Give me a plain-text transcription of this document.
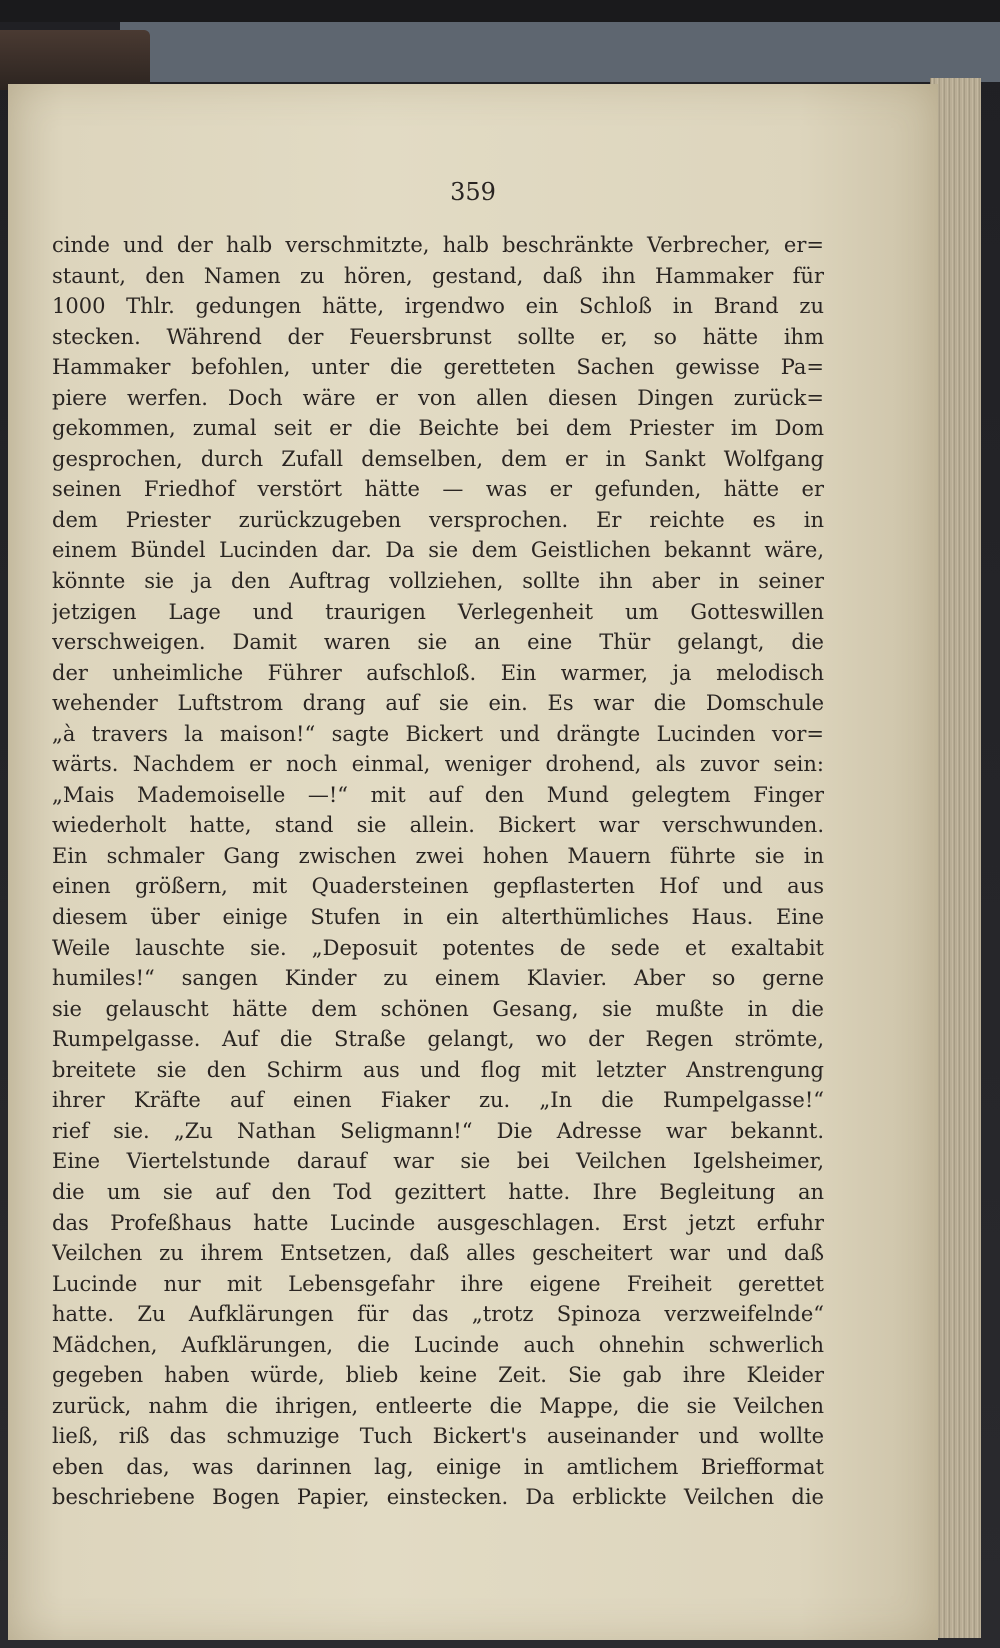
359
cinde und der halb verschmitzte, halb beschränkte Verbrecher, er=
staunt, den Namen zu hören, gestand, daß ihn Hammaker für
1000 Thlr. gedungen hätte, irgendwo ein Schloß in Brand zu
stecken. Während der Feuersbrunst sollte er, so hätte ihm
Hammaker befohlen, unter die geretteten Sachen gewisse Pa=
piere werfen. Doch wäre er von allen diesen Dingen zurück=
gekommen, zumal seit er die Beichte bei dem Priester im Dom
gesprochen, durch Zufall demselben, dem er in Sankt Wolfgang
seinen Friedhof verstört hätte — was er gefunden, hätte er
dem Priester zurückzugeben versprochen. Er reichte es in
einem Bündel Lucinden dar. Da sie dem Geistlichen bekannt wäre,
könnte sie ja den Auftrag vollziehen, sollte ihn aber in seiner
jetzigen Lage und traurigen Verlegenheit um Gotteswillen
verschweigen. Damit waren sie an eine Thür gelangt, die
der unheimliche Führer aufschloß. Ein warmer, ja melodisch
wehender Luftstrom drang auf sie ein. Es war die Domschule
„à travers la maison!“ sagte Bickert und drängte Lucinden vor=
wärts. Nachdem er noch einmal, weniger drohend, als zuvor sein:
„Mais Mademoiselle —!“ mit auf den Mund gelegtem Finger
wiederholt hatte, stand sie allein. Bickert war verschwunden.
Ein schmaler Gang zwischen zwei hohen Mauern führte sie in
einen größern, mit Quadersteinen gepflasterten Hof und aus
diesem über einige Stufen in ein alterthümliches Haus. Eine
Weile lauschte sie. „Deposuit potentes de sede et exaltabit
humiles!“ sangen Kinder zu einem Klavier. Aber so gerne
sie gelauscht hätte dem schönen Gesang, sie mußte in die
Rumpelgasse. Auf die Straße gelangt, wo der Regen strömte,
breitete sie den Schirm aus und flog mit letzter Anstrengung
ihrer Kräfte auf einen Fiaker zu. „In die Rumpelgasse!“
rief sie. „Zu Nathan Seligmann!“ Die Adresse war bekannt.
Eine Viertelstunde darauf war sie bei Veilchen Igelsheimer,
die um sie auf den Tod gezittert hatte. Ihre Begleitung an
das Profeßhaus hatte Lucinde ausgeschlagen. Erst jetzt erfuhr
Veilchen zu ihrem Entsetzen, daß alles gescheitert war und daß
Lucinde nur mit Lebensgefahr ihre eigene Freiheit gerettet
hatte. Zu Aufklärungen für das „trotz Spinoza verzweifelnde“
Mädchen, Aufklärungen, die Lucinde auch ohnehin schwerlich
gegeben haben würde, blieb keine Zeit. Sie gab ihre Kleider
zurück, nahm die ihrigen, entleerte die Mappe, die sie Veilchen
ließ, riß das schmuzige Tuch Bickert's auseinander und wollte
eben das, was darinnen lag, einige in amtlichem Briefformat
beschriebene Bogen Papier, einstecken. Da erblickte Veilchen die
